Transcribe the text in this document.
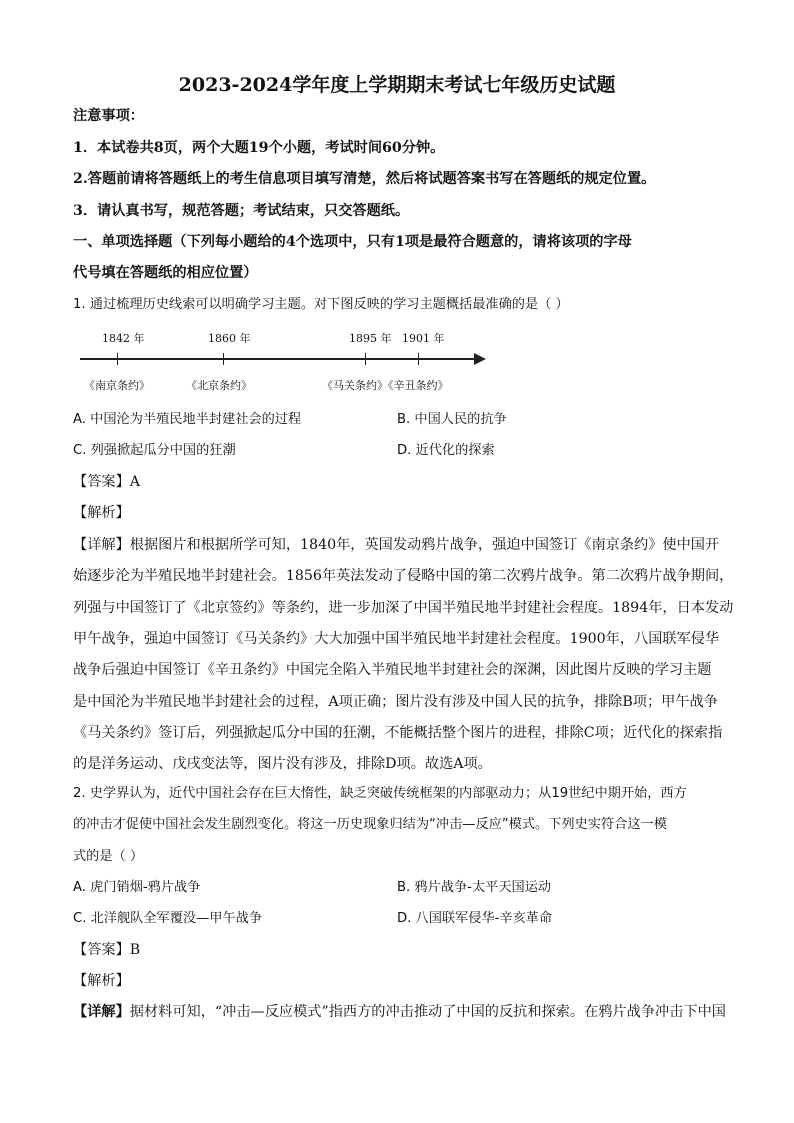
2023-2024学年度上学期期末考试七年级历史试题
注意事项：
1．本试卷共8页，两个大题19个小题，考试时间60分钟。
2.答题前请将答题纸上的考生信息项目填写清楚，然后将试题答案书写在答题纸的规定位置。
3．请认真书写，规范答题；考试结束，只交答题纸。
一、单项选择题（下列每小题给的4个选项中，只有1项是最符合题意的，请将该项的字母
代号填在答题纸的相应位置）
1. 通过梳理历史线索可以明确学习主题。对下图反映的学习主题概括最准确的是（ ）
1842 年	1860 年	1895 年 1901 年
《南京条约》	《北京条约》	《马关条约》《辛丑条约》
A. 中国沦为半殖民地半封建社会的过程	B. 中国人民的抗争
C. 列强掀起瓜分中国的狂潮	D. 近代化的探索
【答案】A
【解析】
【详解】根据图片和根据所学可知，1840年，英国发动鸦片战争，强迫中国签订《南京条约》使中国开
始逐步沦为半殖民地半封建社会。1856年英法发动了侵略中国的第二次鸦片战争。第二次鸦片战争期间，
列强与中国签订了《北京签约》等条约，进一步加深了中国半殖民地半封建社会程度。1894年，日本发动
甲午战争，强迫中国签订《马关条约》大大加强中国半殖民地半封建社会程度。1900年，八国联军侵华
战争后强迫中国签订《辛丑条约》中国完全陷入半殖民地半封建社会的深渊，因此图片反映的学习主题
是中国沦为半殖民地半封建社会的过程，A项正确；图片没有涉及中国人民的抗争，排除B项；甲午战争
《马关条约》签订后，列强掀起瓜分中国的狂潮，不能概括整个图片的进程，排除C项；近代化的探索指
的是洋务运动、戊戌变法等，图片没有涉及，排除D项。故选A项。
2. 史学界认为，近代中国社会存在巨大惰性，缺乏突破传统框架的内部驱动力；从19世纪中期开始，西方
的冲击才促使中国社会发生剧烈变化。将这一历史现象归结为“冲击—反应”模式。下列史实符合这一模
式的是（ ）
A. 虎门销烟-鸦片战争	B. 鸦片战争-太平天国运动
C. 北洋舰队全军覆没—甲午战争	D. 八国联军侵华-辛亥革命
【答案】B
【解析】
【详解】据材料可知，“冲击—反应模式”指西方的冲击推动了中国的反抗和探索。在鸦片战争冲击下中国
